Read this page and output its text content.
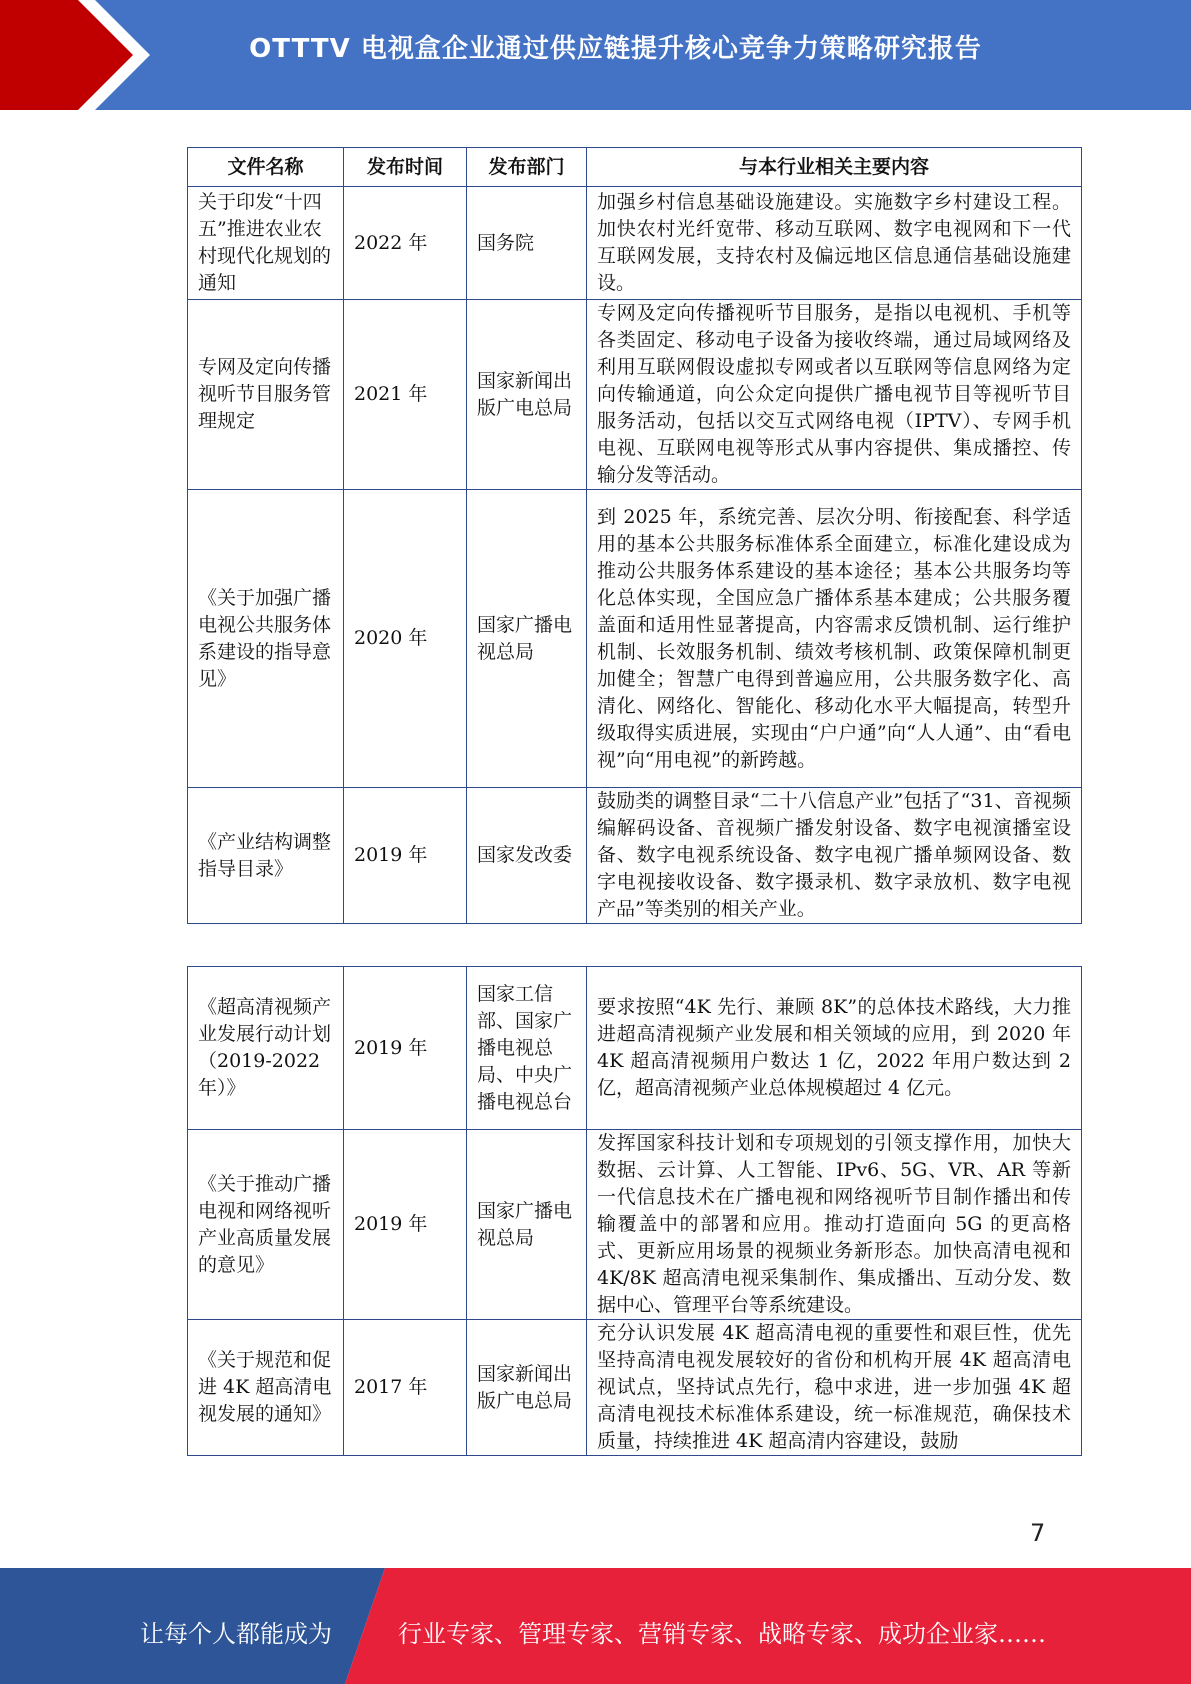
OTTTV 电视盒企业通过供应链提升核心竞争力策略研究报告
文件名称	发布时间	发布部门	与本行业相关主要内容
关于印发“十四五”推进农业农村现代化规划的通知	2022 年	国务院	加强乡村信息基础设施建设。实施数字乡村建设工程。加快农村光纤宽带、移动互联网、数字电视网和下一代互联网发展，支持农村及偏远地区信息通信基础设施建设。
专网及定向传播视听节目服务管理规定	2021 年	国家新闻出版广电总局	专网及定向传播视听节目服务，是指以电视机、手机等各类固定、移动电子设备为接收终端，通过局域网络及利用互联网假设虚拟专网或者以互联网等信息网络为定向传输通道，向公众定向提供广播电视节目等视听节目服务活动，包括以交互式网络电视（IPTV）、专网手机电视、互联网电视等形式从事内容提供、集成播控、传输分发等活动。
《关于加强广播电视公共服务体系建设的指导意见》	2020 年	国家广播电视总局	到 2025 年，系统完善、层次分明、衔接配套、科学适用的基本公共服务标准体系全面建立，标准化建设成为推动公共服务体系建设的基本途径；基本公共服务均等化总体实现，全国应急广播体系基本建成；公共服务覆盖面和适用性显著提高，内容需求反馈机制、运行维护机制、长效服务机制、绩效考核机制、政策保障机制更加健全；智慧广电得到普遍应用，公共服务数字化、高清化、网络化、智能化、移动化水平大幅提高，转型升级取得实质进展，实现由“户户通”向“人人通”、由“看电视”向“用电视”的新跨越。
《产业结构调整指导目录》	2019 年	国家发改委	鼓励类的调整目录“二十八信息产业”包括了“31、音视频编解码设备、音视频广播发射设备、数字电视演播室设备、数字电视系统设备、数字电视广播单频网设备、数字电视接收设备、数字摄录机、数字录放机、数字电视产品”等类别的相关产业。
《超高清视频产业发展行动计划（2019-2022 年）》	2019 年	国家工信部、国家广播电视总局、中央广播电视总台	要求按照“4K 先行、兼顾 8K”的总体技术路线，大力推进超高清视频产业发展和相关领域的应用，到 2020 年 4K 超高清视频用户数达 1 亿，2022 年用户数达到 2 亿，超高清视频产业总体规模超过 4 亿元。
《关于推动广播电视和网络视听产业高质量发展的意见》	2019 年	国家广播电视总局	发挥国家科技计划和专项规划的引领支撑作用，加快大数据、云计算、人工智能、IPv6、5G、VR、AR 等新一代信息技术在广播电视和网络视听节目制作播出和传输覆盖中的部署和应用。推动打造面向 5G 的更高格式、更新应用场景的视频业务新形态。加快高清电视和 4K/8K 超高清电视采集制作、集成播出、互动分发、数据中心、管理平台等系统建设。
《关于规范和促进 4K 超高清电视发展的通知》	2017 年	国家新闻出版广电总局	充分认识发展 4K 超高清电视的重要性和艰巨性，优先坚持高清电视发展较好的省份和机构开展 4K 超高清电视试点，坚持试点先行，稳中求进，进一步加强 4K 超高清电视技术标准体系建设，统一标准规范，确保技术质量，持续推进 4K 超高清内容建设，鼓励
7
让每个人都能成为	行业专家、管理专家、营销专家、战略专家、成功企业家……
